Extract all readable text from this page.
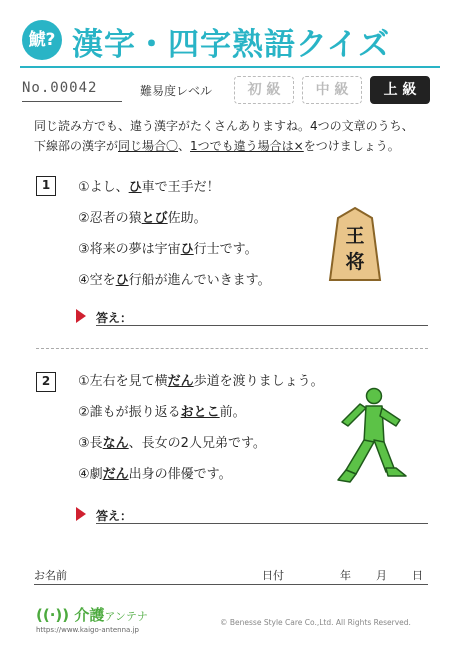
鯱? 漢字・四字熟語クイズ
No.00042	難易度レベル	初 級	中 級	上 級
同じ読み方でも、違う漢字がたくさんありますね。4つの文章のうち、
下線部の漢字が同じ場合〇、1つでも違う場合は×をつけましょう。
1	①よし、ひ車で王手だ！
②忍者の猿とび佐助。
③将来の夢は宇宙ひ行士です。
④空をひ行船が進んでいきます。
王
将
答え：
2	①左右を見て横だん歩道を渡りましょう。
②誰もが振り返るおとこ前。
③長なん、長女の2人兄弟です。
④劇だん出身の俳優です。
答え：
お名前	日付	年 月 日
((·)) 介護アンテナ
https://www.kaigo-antenna.jp
© Benesse Style Care Co.,Ltd. All Rights Reserved.
